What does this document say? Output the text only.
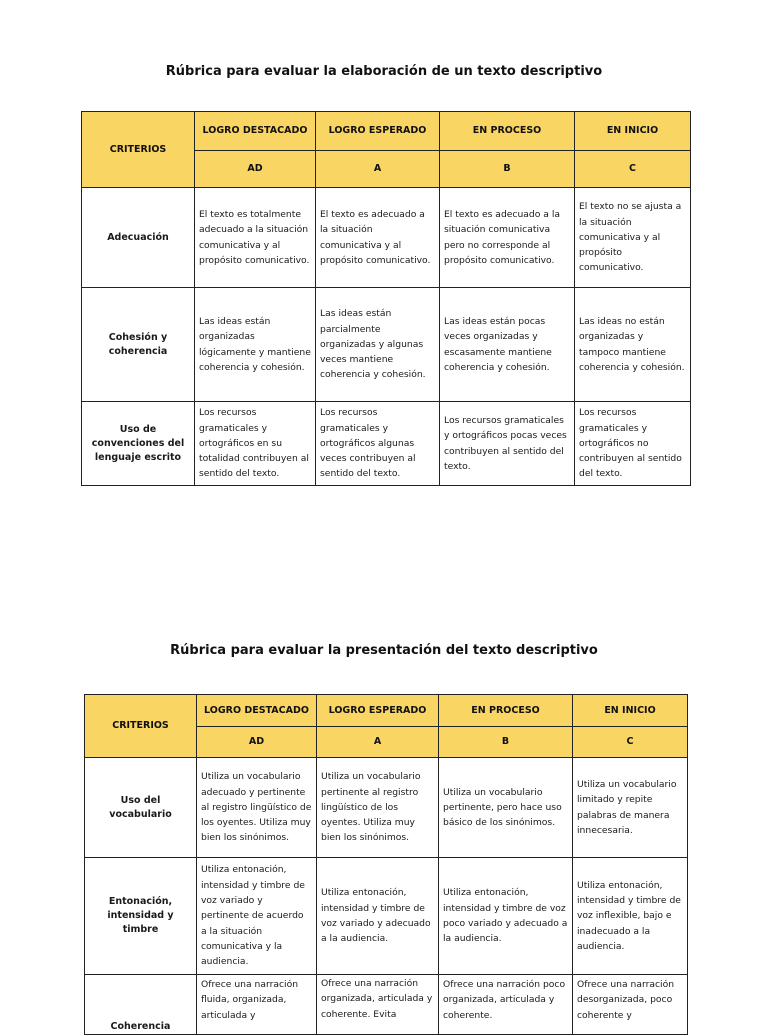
Rúbrica para evaluar la elaboración de un texto descriptivo
CRITERIOS	LOGRO DESTACADO	LOGRO ESPERADO	EN PROCESO	EN INICIO
	AD	A	B	C
Adecuación	El texto es totalmente adecuado a la situación comunicativa y al propósito comunicativo.	El texto es adecuado a la situación comunicativa y al propósito comunicativo.	El texto es adecuado a la situación comunicativa pero no corresponde al propósito comunicativo.	El texto no se ajusta a la situación comunicativa y al propósito comunicativo.
Cohesión y coherencia	Las ideas están organizadas lógicamente y mantiene coherencia y cohesión.	Las ideas están parcialmente organizadas y algunas veces mantiene coherencia y cohesión.	Las ideas están pocas veces organizadas y escasamente mantiene coherencia y cohesión.	Las ideas no están organizadas y tampoco mantiene coherencia y cohesión.
Uso de convenciones del lenguaje escrito	Los recursos gramaticales y ortográficos en su totalidad contribuyen al sentido del texto.	Los recursos gramaticales y ortográficos algunas veces contribuyen al sentido del texto.	Los recursos gramaticales y ortográficos pocas veces contribuyen al sentido del texto.	Los recursos gramaticales y ortográficos no contribuyen al sentido del texto.
Rúbrica para evaluar la presentación del texto descriptivo
CRITERIOS	LOGRO DESTACADO	LOGRO ESPERADO	EN PROCESO	EN INICIO
	AD	A	B	C
Uso del vocabulario	Utiliza un vocabulario adecuado y pertinente al registro lingüístico de los oyentes. Utiliza muy bien los sinónimos.	Utiliza un vocabulario pertinente al registro lingüístico de los oyentes. Utiliza muy bien los sinónimos.	Utiliza un vocabulario pertinente, pero hace uso básico de los sinónimos.	Utiliza un vocabulario limitado y repite palabras de manera innecesaria.
Entonación, intensidad y timbre	Utiliza entonación, intensidad y timbre de voz variado y pertinente de acuerdo a la situación comunicativa y la audiencia.	Utiliza entonación, intensidad y timbre de voz variado y adecuado a la audiencia.	Utiliza entonación, intensidad y timbre de voz poco variado y adecuado a la audiencia.	Utiliza entonación, intensidad y timbre de voz inflexible, bajo e inadecuado a la audiencia.
Coherencia	Ofrece una narración fluida, organizada, articulada y	Ofrece una narración organizada, articulada y coherente. Evita	Ofrece una narración poco organizada, articulada y coherente.	Ofrece una narración desorganizada, poco coherente y
